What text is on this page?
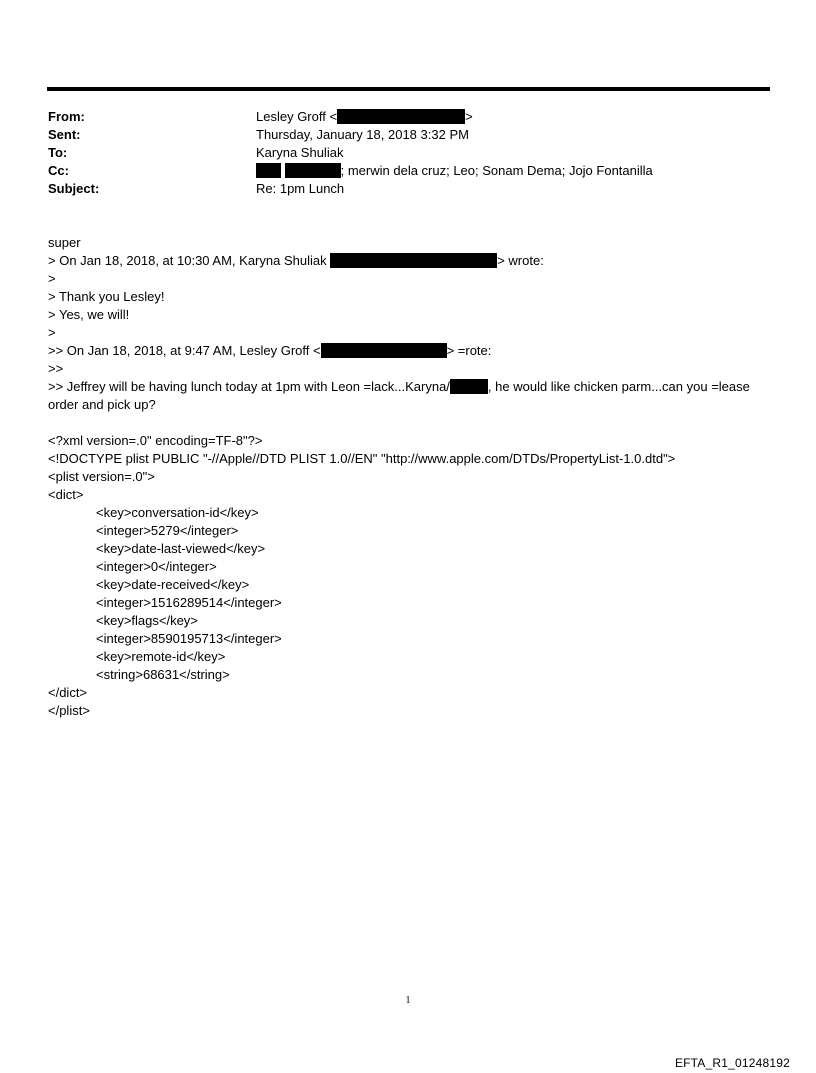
From:	Lesley Groff <	>
Sent:	Thursday, January 18, 2018 3:32 PM
To:	Karyna Shuliak
Cc:	; merwin dela cruz; Leo; Sonam Dema; Jojo Fontanilla
Subject:	Re: 1pm Lunch
super
> On Jan 18, 2018, at 10:30 AM, Karyna Shuliak	> wrote:
>
> Thank you Lesley!
> Yes, we will!
>
>> On Jan 18, 2018, at 9:47 AM, Lesley Groff <	> =rote:
>>
>> Jeffrey will be having lunch today at 1pm with Leon =lack...Karyna/	, he would like chicken parm...can you =lease order and pick up?
<?xml version=.0" encoding=TF-8"?>
<!DOCTYPE plist PUBLIC "-//Apple//DTD PLIST 1.0//EN" "http://www.apple.com/DTDs/PropertyList-1.0.dtd">
<plist version=.0">
<dict>
<key>conversation-id</key>
<integer>5279</integer>
<key>date-last-viewed</key>
<integer>0</integer>
<key>date-received</key>
<integer>1516289514</integer>
<key>flags</key>
<integer>8590195713</integer>
<key>remote-id</key>
<string>68631</string>
</dict>
</plist>
1
EFTA_R1_01248192
